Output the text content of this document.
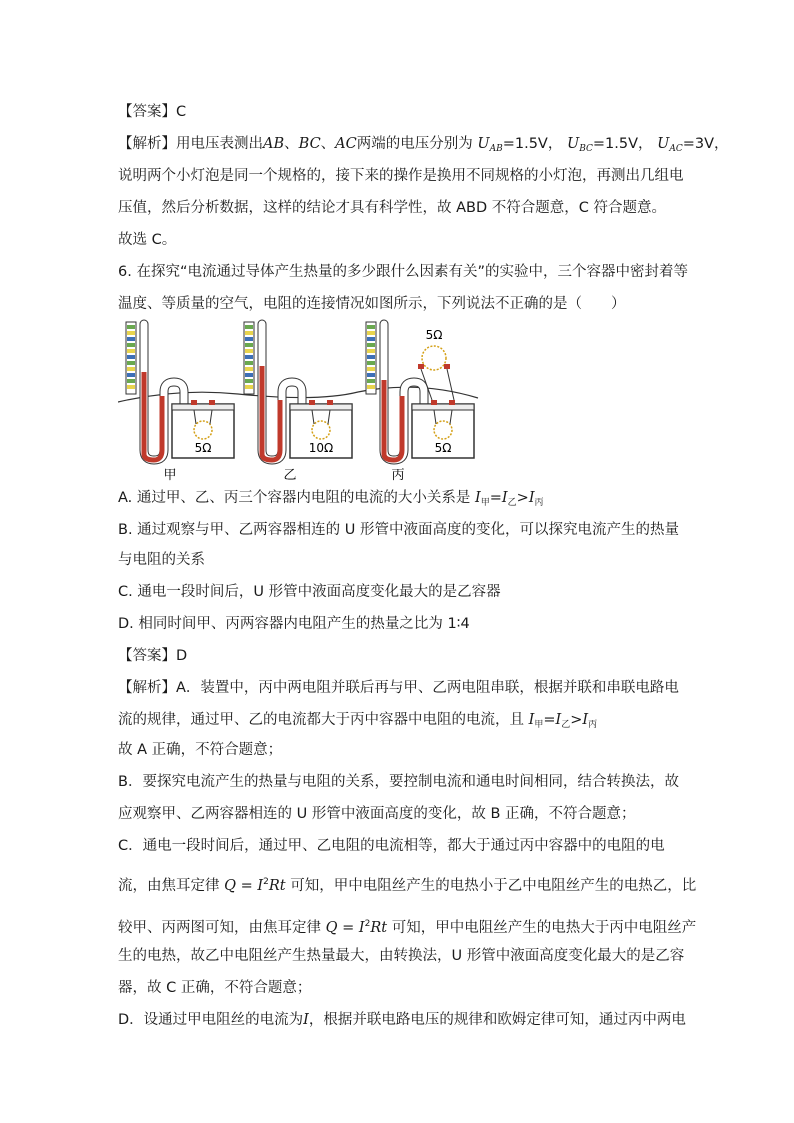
【答案】C
【解析】用电压表测出AB、BC、AC两端的电压分别为 $U_{AB}=1.5V$， $U_{BC}=1.5V$， $U_{AC}=3V$，
说明两个小灯泡是同一个规格的，接下来的操作是换用不同规格的小灯泡，再测出几组电
压值，然后分析数据，这样的结论才具有科学性，故 ABD 不符合题意，C 符合题意。
故选 C。
6. 在探究“电流通过导体产生热量的多少跟什么因素有关”的实验中，三个容器中密封着等
温度、等质量的空气，电阻的连接情况如图所示，下列说法不正确的是（　　）
5Ω
甲
10Ω
乙
5Ω
丙
5Ω
A. 通过甲、乙、丙三个容器内电阻的电流的大小关系是 $I_甲=I_乙>I_丙$
B. 通过观察与甲、乙两容器相连的 U 形管中液面高度的变化，可以探究电流产生的热量
与电阻的关系
C. 通电一段时间后，U 形管中液面高度变化最大的是乙容器
D. 相同时间甲、丙两容器内电阻产生的热量之比为 1∶4
【答案】D
【解析】A．装置中，丙中两电阻并联后再与甲、乙两电阻串联，根据并联和串联电路电
流的规律，通过甲、乙的电流都大于丙中容器中电阻的电流，且 $I_甲=I_乙>I_丙$
故 A 正确，不符合题意；
B．要探究电流产生的热量与电阻的关系，要控制电流和通电时间相同，结合转换法，故
应观察甲、乙两容器相连的 U 形管中液面高度的变化，故 B 正确，不符合题意；
C．通电一段时间后，通过甲、乙电阻的电流相等，都大于通过丙中容器中的电阻的电
流，由焦耳定律 $Q = I^2Rt$ 可知，甲中电阻丝产生的电热小于乙中电阻丝产生的电热乙，比
较甲、丙两图可知，由焦耳定律 $Q = I^2Rt$ 可知，甲中电阻丝产生的电热大于丙中电阻丝产
生的电热，故乙中电阻丝产生热量最大，由转换法，U 形管中液面高度变化最大的是乙容
器，故 C 正确，不符合题意；
D．设通过甲电阻丝的电流为I，根据并联电路电压的规律和欧姆定律可知，通过丙中两电
